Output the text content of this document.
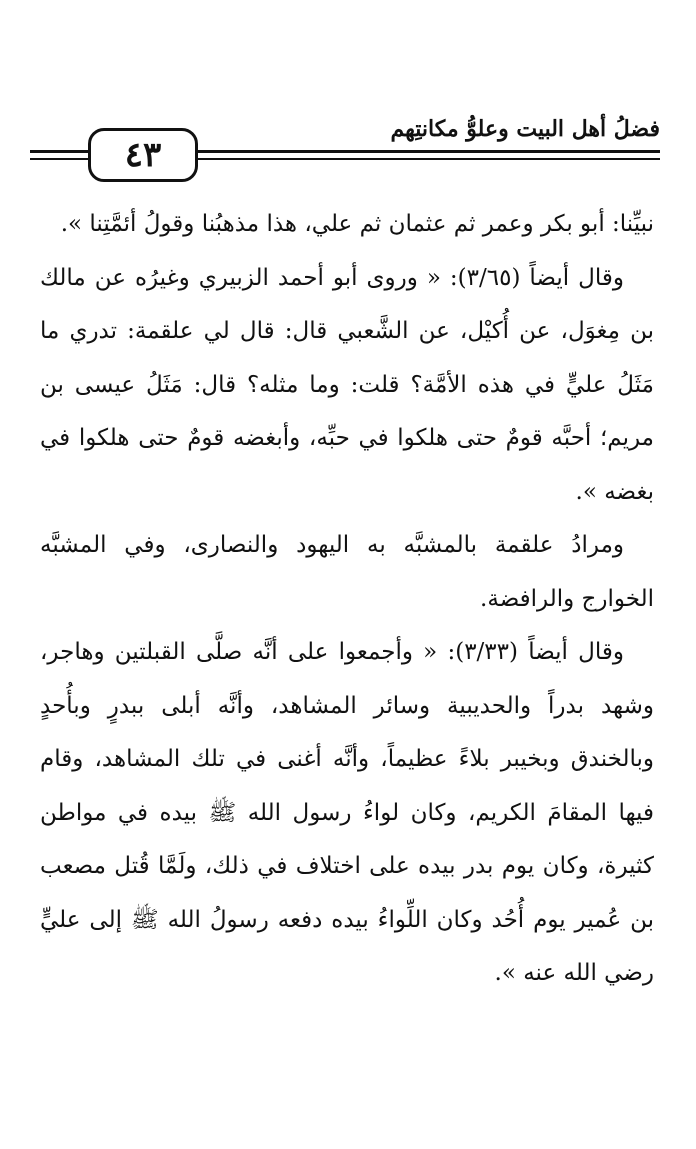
٤٣
فضلُ أهل البيت وعلوُّ مكانتِهم

نبيِّنا: أبو بكر وعمر ثم عثمان ثم علي، هذا مذهبُنا وقولُ أئمَّتِنا ».

وقال أيضاً (٣/٦٥): « وروى أبو أحمد الزبيري وغيرُه عن مالك بن مِغوَل، عن أُكيْل، عن الشَّعبي قال: قال لي علقمة: تدري ما مَثَلُ عليٍّ في هذه الأمَّة؟ قلت: وما مثله؟ قال: مَثَلُ عيسى بن مريم؛ أحبَّه قومٌ حتى هلكوا في حبِّه، وأبغضه قومٌ حتى هلكوا في بغضه ».

ومرادُ علقمة بالمشبَّه به اليهود والنصارى، وفي المشبَّه الخوارج والرافضة.

وقال أيضاً (٣/٣٣): « وأجمعوا على أنَّه صلَّى القبلتين وهاجر، وشهد بدراً والحديبية وسائر المشاهد، وأنَّه أبلى ببدرٍ وبأُحدٍ وبالخندق وبخيبر بلاءً عظيماً، وأنَّه أغنى في تلك المشاهد، وقام فيها المقامَ الكريم، وكان لواءُ رسول الله ﷺ بيده في مواطن كثيرة، وكان يوم بدر بيده على اختلاف في ذلك، ولَمَّا قُتل مصعب بن عُمير يوم أُحُد وكان اللِّواءُ بيده دفعه رسولُ الله ﷺ إلى عليٍّ رضي الله عنه ».
